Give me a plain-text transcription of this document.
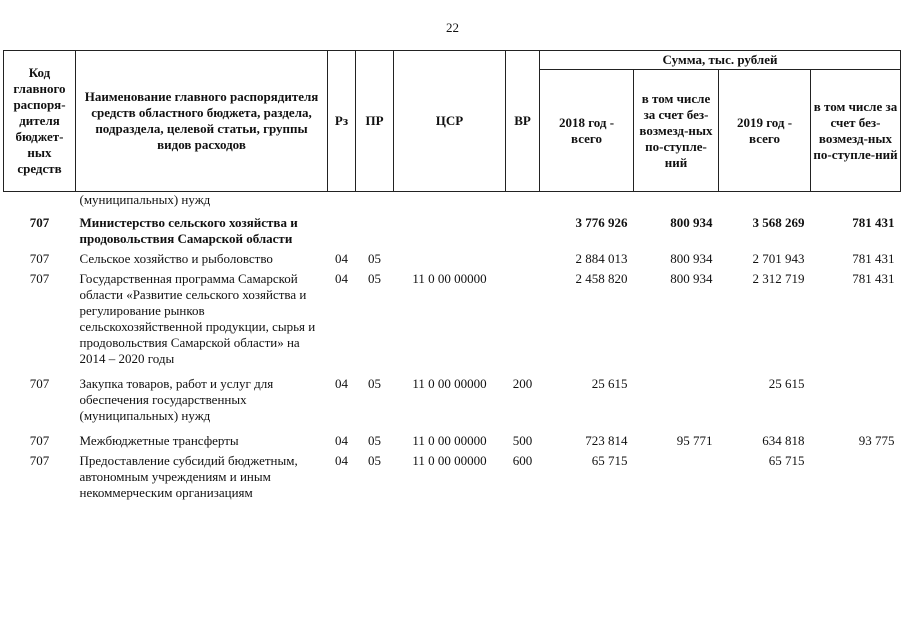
22
Код главного распоря-дителя бюджет-ных средств	Наименование главного распорядителя средств областного бюджета, раздела, подраздела, целевой статьи, группы видов расходов	Рз	ПР	ЦСР	ВР	Сумма, тыс. рублей			
						2018 год - всего	в том числе за счет без-возмезд-ных по-ступле-ний	2019 год - всего	в том числе за счет без-возмезд-ных по-ступле-ний
	(муниципальных) нужд								
707	Министерство сельского хозяйства и продовольствия Самарской области					3 776 926	800 934	3 568 269	781 431
707	Сельское хозяйство и рыболовство	04	05			2 884 013	800 934	2 701 943	781 431
707	Государственная программа Самарской области «Развитие сельского хозяйства и регулирование рынков сельскохозяйственной продукции, сырья и продовольствия Самарской области» на 2014 – 2020 годы	04	05	11 0 00 00000		2 458 820	800 934	2 312 719	781 431
707	Закупка товаров, работ и услуг для обеспечения государственных (муниципальных) нужд	04	05	11 0 00 00000	200	25 615		25 615	
707	Межбюджетные трансферты	04	05	11 0 00 00000	500	723 814	95 771	634 818	93 775
707	Предоставление субсидий бюджетным, автономным учреждениям и иным некоммерческим организациям	04	05	11 0 00 00000	600	65 715		65 715	
